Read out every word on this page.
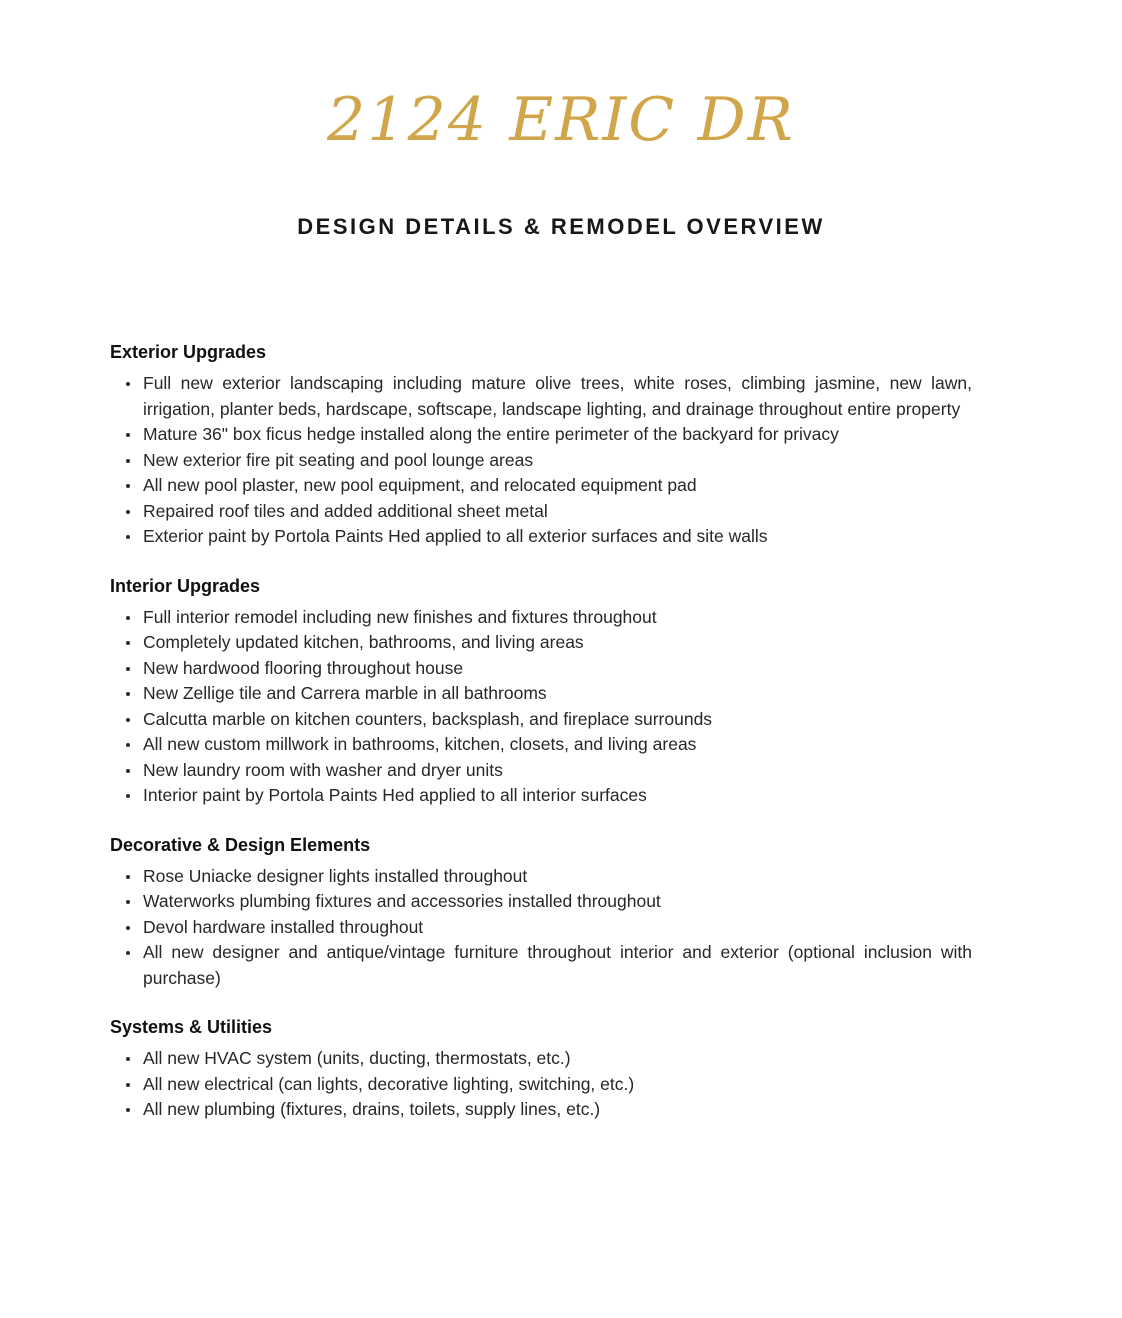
2124 ERIC DR
DESIGN DETAILS & REMODEL OVERVIEW
Exterior Upgrades
Full new exterior landscaping including mature olive trees, white roses, climbing jasmine, new lawn, irrigation, planter beds, hardscape, softscape, landscape lighting, and drainage throughout entire property
Mature 36" box ficus hedge installed along the entire perimeter of the backyard for privacy
New exterior fire pit seating and pool lounge areas
All new pool plaster, new pool equipment, and relocated equipment pad
Repaired roof tiles and added additional sheet metal
Exterior paint by Portola Paints Hed applied to all exterior surfaces and site walls
Interior Upgrades
Full interior remodel including new finishes and fixtures throughout
Completely updated kitchen, bathrooms, and living areas
New hardwood flooring throughout house
New Zellige tile and Carrera marble in all bathrooms
Calcutta marble on kitchen counters, backsplash, and fireplace surrounds
All new custom millwork in bathrooms, kitchen, closets, and living areas
New laundry room with washer and dryer units
Interior paint by Portola Paints Hed applied to all interior surfaces
Decorative & Design Elements
Rose Uniacke designer lights installed throughout
Waterworks plumbing fixtures and accessories installed throughout
Devol hardware installed throughout
All new designer and antique/vintage furniture throughout interior and exterior (optional inclusion with purchase)
Systems & Utilities
All new HVAC system (units, ducting, thermostats, etc.)
All new electrical (can lights, decorative lighting, switching, etc.)
All new plumbing (fixtures, drains, toilets, supply lines, etc.)
